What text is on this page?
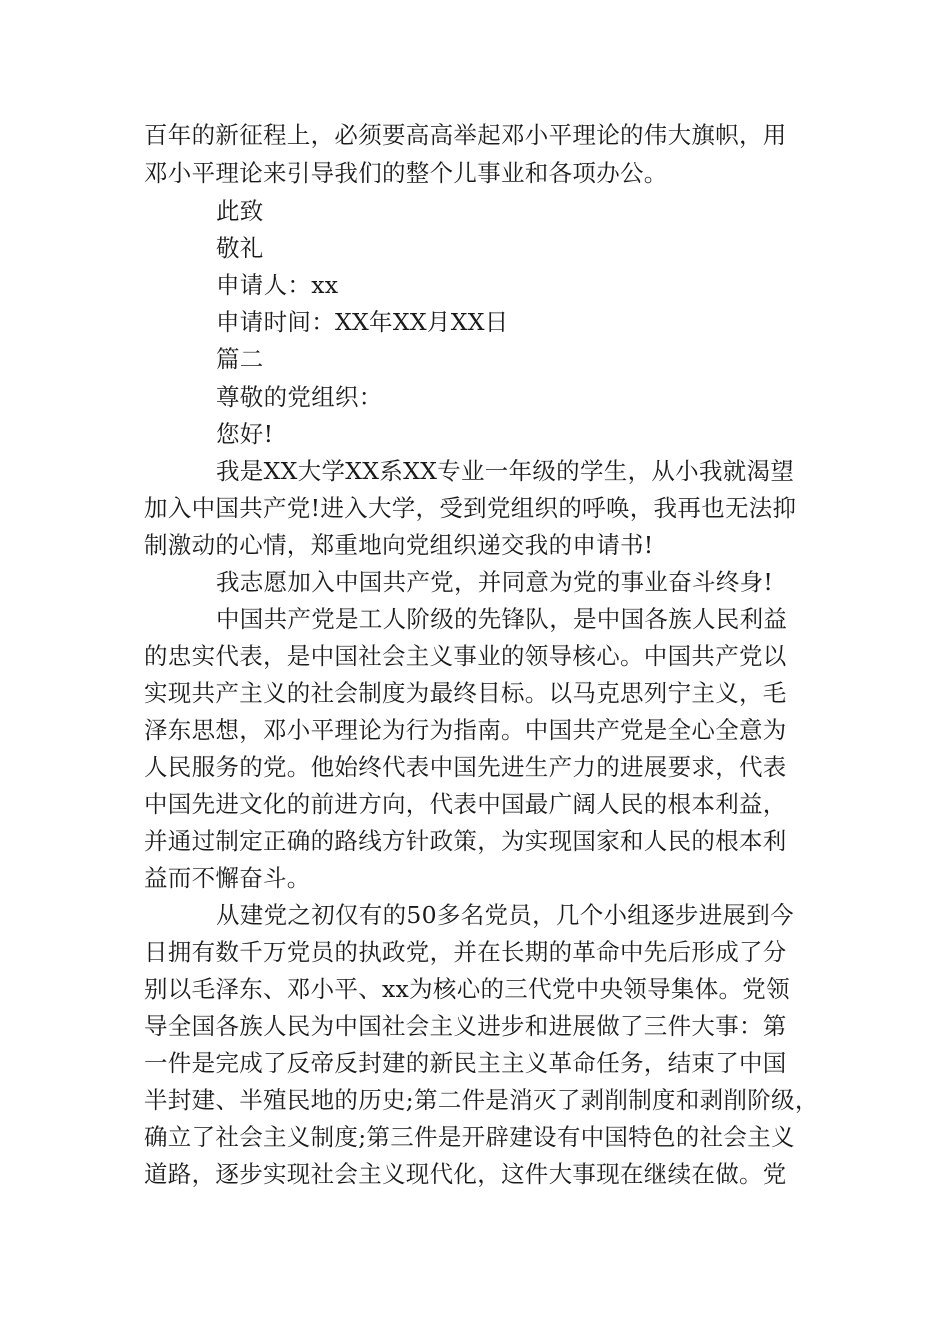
百年的新征程上，必须要高高举起邓小平理论的伟大旗帜，用

邓小平理论来引导我们的整个儿事业和各项办公。

此致

敬礼

申请人：xx

申请时间：XX年XX月XX日

篇二

尊敬的党组织：

您好!

我是XX大学XX系XX专业一年级的学生，从小我就渴望

加入中国共产党!进入大学，受到党组织的呼唤，我再也无法抑

制激动的心情，郑重地向党组织递交我的申请书!

我志愿加入中国共产党，并同意为党的事业奋斗终身!

中国共产党是工人阶级的先锋队，是中国各族人民利益

的忠实代表，是中国社会主义事业的领导核心。中国共产党以

实现共产主义的社会制度为最终目标。以马克思列宁主义，毛

泽东思想，邓小平理论为行为指南。中国共产党是全心全意为

人民服务的党。他始终代表中国先进生产力的进展要求，代表

中国先进文化的前进方向，代表中国最广阔人民的根本利益，

并通过制定正确的路线方针政策，为实现国家和人民的根本利

益而不懈奋斗。

从建党之初仅有的50多名党员，几个小组逐步进展到今

日拥有数千万党员的执政党，并在长期的革命中先后形成了分

别以毛泽东、邓小平、xx为核心的三代党中央领导集体。党领

导全国各族人民为中国社会主义进步和进展做了三件大事：第

一件是完成了反帝反封建的新民主主义革命任务，结束了中国

半封建、半殖民地的历史;第二件是消灭了剥削制度和剥削阶级，

确立了社会主义制度;第三件是开辟建设有中国特色的社会主义

道路，逐步实现社会主义现代化，这件大事现在继续在做。党
